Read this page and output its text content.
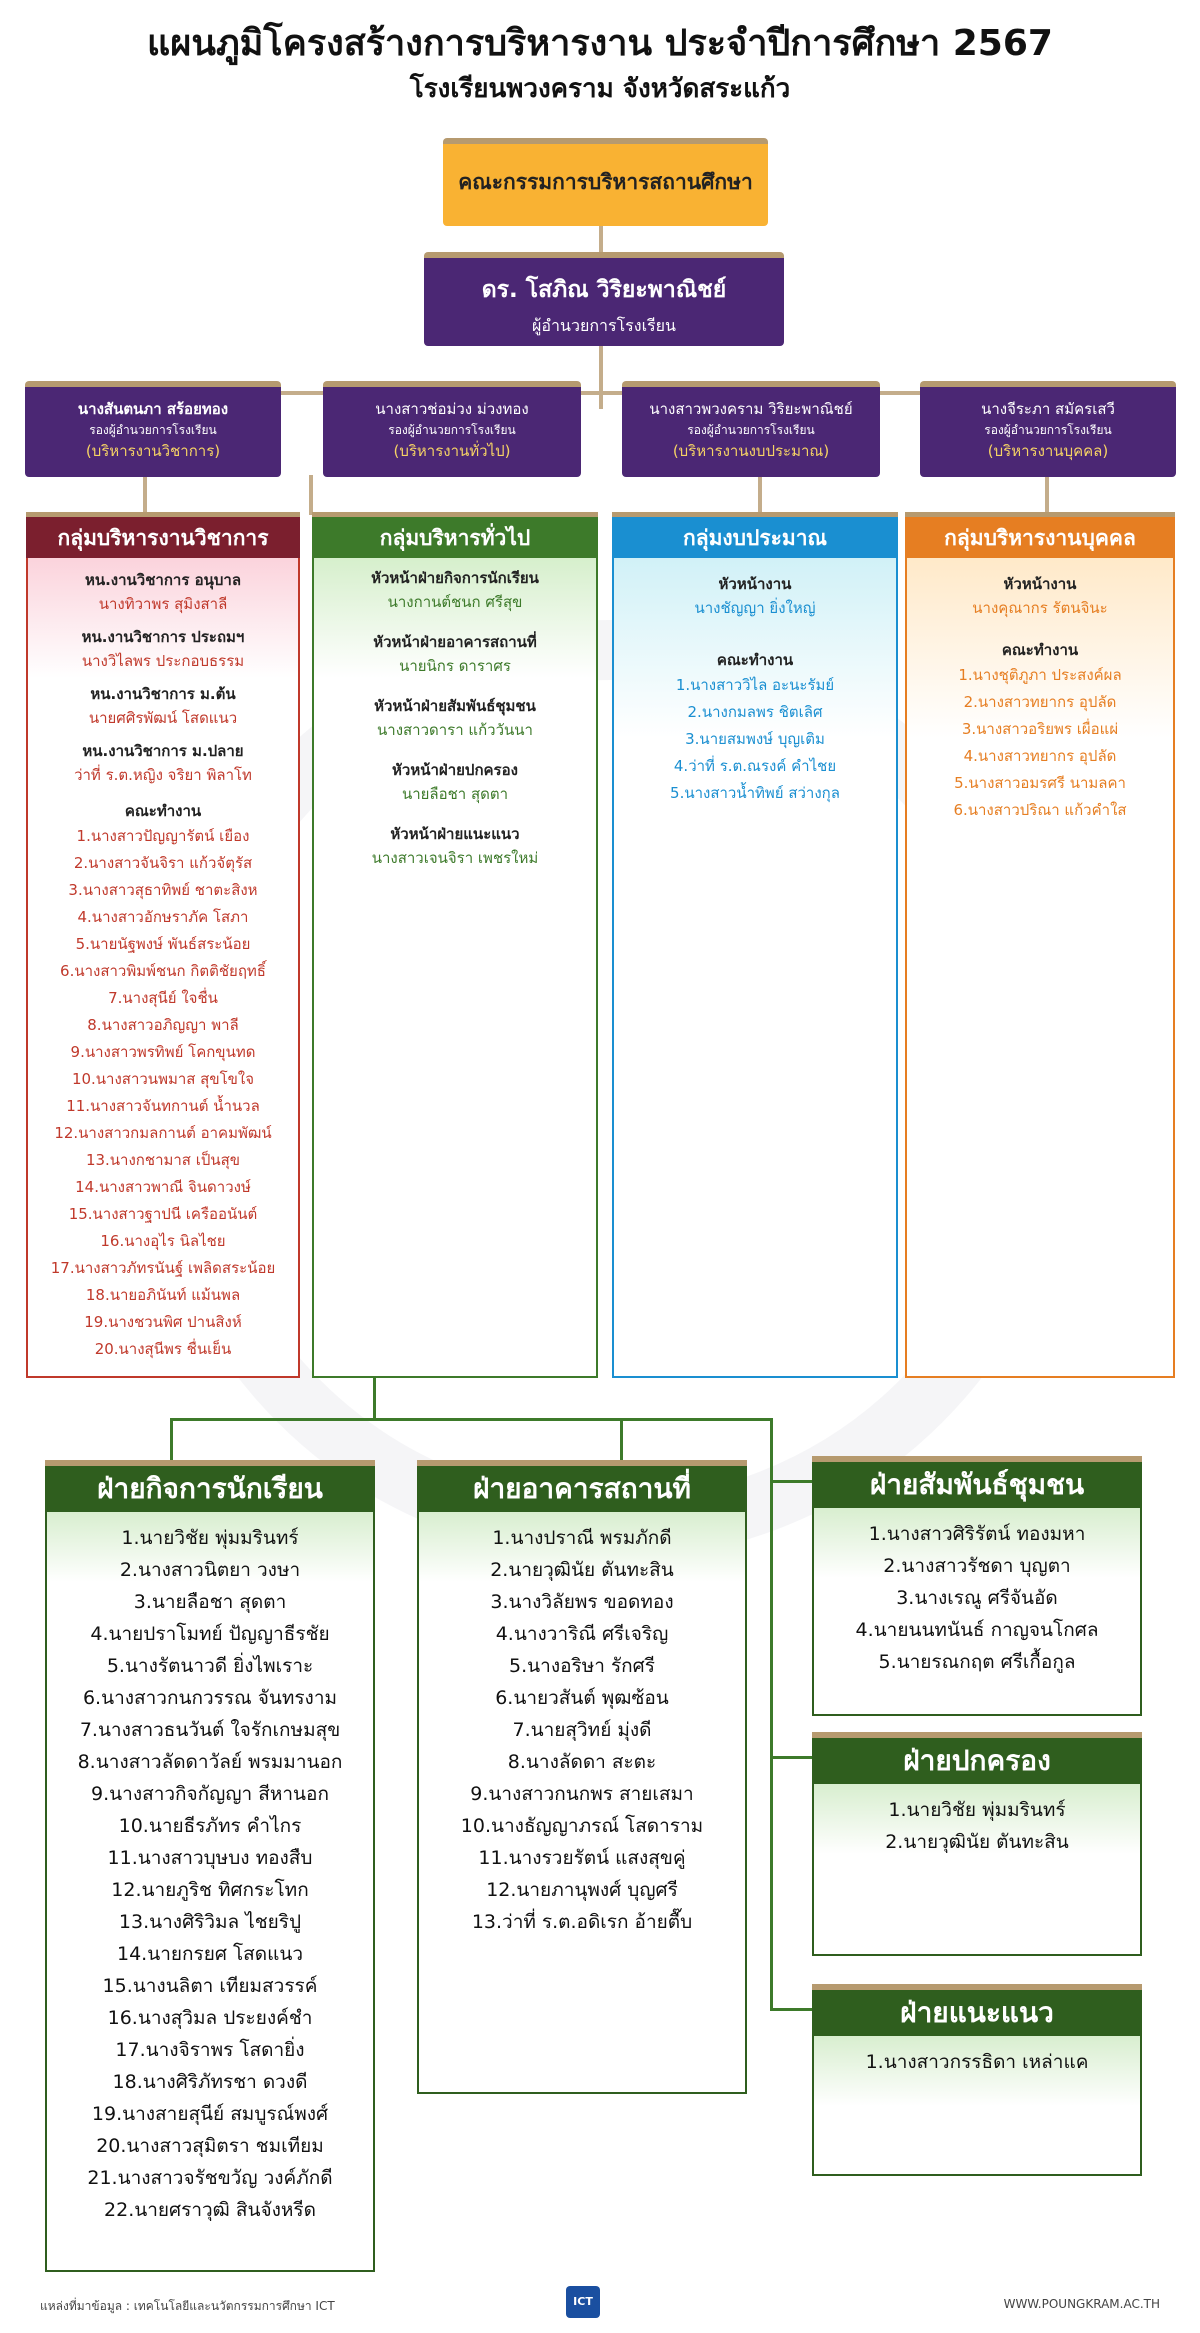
แผนภูมิโครงสร้างการบริหารงาน ประจำปีการศึกษา 2567
โรงเรียนพวงคราม จังหวัดสระแก้ว
คณะกรรมการบริหารสถานศึกษา
ดร. โสภิณ วิริยะพาณิชย์
ผู้อำนวยการโรงเรียน
นางสันตนภา สร้อยทอง
รองผู้อำนวยการโรงเรียน
(บริหารงานวิชาการ)
นางสาวช่อม่วง ม่วงทอง
รองผู้อำนวยการโรงเรียน
(บริหารงานทั่วไป)
นางสาวพวงคราม วิริยะพาณิชย์
รองผู้อำนวยการโรงเรียน
(บริหารงานงบประมาณ)
นางจีระภา สมัครเสวี
รองผู้อำนวยการโรงเรียน
(บริหารงานบุคคล)
กลุ่มบริหารงานวิชาการ
หน.งานวิชาการ อนุบาล
นางทิวาพร สุมิงสาลี
หน.งานวิชาการ ประถมฯ
นางวิไลพร ประกอบธรรม
หน.งานวิชาการ ม.ต้น
นายศศิรพัฒน์ โสดแนว
หน.งานวิชาการ ม.ปลาย
ว่าที่ ร.ต.หญิง จริยา พิลาโท
คณะทำงาน
1.นางสาวปัญญารัตน์ เยือง
2.นางสาวจันจิรา แก้วจัตุรัส
3.นางสาวสุธาทิพย์ ชาตะสิงห
4.นางสาวอักษราภัค โสภา
5.นายนัฐพงษ์ พันธ์สระน้อย
6.นางสาวพิมพ์ชนก กิตติชัยฤทธิ์
7.นางสุนีย์ ใจชื่น
8.นางสาวอภิญญา พาลี
9.นางสาวพรทิพย์ โคกขุนทด
10.นางสาวนพมาส สุขโขใจ
11.นางสาวจันทกานต์ น้ำนวล
12.นางสาวกมลกานต์ อาคมพัฒน์
13.นางกชามาส เป็นสุข
14.นางสาวพาณี จินดาวงษ์
15.นางสาวฐาปนี เครืออนันต์
16.นางอุไร นิลไชย
17.นางสาวภัทรนันฐ์ เพลิดสระน้อย
18.นายอภินันท์ แม้นพล
19.นางชวนพิศ ปานสิงห์
20.นางสุนีพร ชื่นเย็น
กลุ่มบริหารทั่วไป
หัวหน้าฝ่ายกิจการนักเรียน
นางกานต์ชนก ศรีสุข
หัวหน้าฝ่ายอาคารสถานที่
นายนิกร ดาราศร
หัวหน้าฝ่ายสัมพันธ์ชุมชน
นางสาวดารา แก้ววันนา
หัวหน้าฝ่ายปกครอง
นายลือชา สุดตา
หัวหน้าฝ่ายแนะแนว
นางสาวเจนจิรา เพชรใหม่
กลุ่มงบประมาณ
หัวหน้างาน
นางชัญญา ยิ่งใหญ่
คณะทำงาน
1.นางสาววิไล อะนะรัมย์
2.นางกมลพร ชิตเลิศ
3.นายสมพงษ์ บุญเติม
4.ว่าที่ ร.ต.ณรงค์ คำไชย
5.นางสาวน้ำทิพย์ สว่างกุล
กลุ่มบริหารงานบุคคล
หัวหน้างาน
นางคุณากร รัตนจินะ
คณะทำงาน
1.นางชุติภูภา ประสงค์ผล
2.นางสาวทยากร อุปลัด
3.นางสาวอริยพร เผื่อแผ่
4.นางสาวทยากร อุปลัด
5.นางสาวอมรศรี นามลคา
6.นางสาวปริณา แก้วคำใส
ฝ่ายกิจการนักเรียน
1.นายวิชัย พุ่มมรินทร์
2.นางสาวนิตยา วงษา
3.นายลือชา สุดตา
4.นายปราโมทย์ ปัญญาธีรชัย
5.นางรัตนาวดี ยิ่งไพเราะ
6.นางสาวกนกวรรณ จันทรงาม
7.นางสาวธนวันต์ ใจรักเกษมสุข
8.นางสาวลัดดาวัลย์ พรมมานอก
9.นางสาวกิจกัญญา สีหานอก
10.นายธีรภัทร คำไกร
11.นางสาวบุษบง ทองสืบ
12.นายภูริช ทิศกระโทก
13.นางศิริวิมล ไชยริปู
14.นายกรยศ โสดแนว
15.นางนลิตา เทียมสวรรค์
16.นางสุวิมล ประยงค์ชำ
17.นางจิราพร โสดายิ่ง
18.นางศิริภัทรชา ดวงดี
19.นางสายสุนีย์ สมบูรณ์พงศ์
20.นางสาวสุมิตรา ชมเทียม
21.นางสาวจรัชขวัญ วงค์ภักดี
22.นายศราวุฒิ สินจังหรีด
ฝ่ายอาคารสถานที่
1.นางปราณี พรมภักดี
2.นายวุฒินัย ตันทะสิน
3.นางวิลัยพร ขอดทอง
4.นางวาริณี ศรีเจริญ
5.นางอริษา รักศรี
6.นายวสันต์ พุฒซ้อน
7.นายสุวิทย์ มุ่งดี
8.นางลัดดา สะตะ
9.นางสาวกนกพร สายเสมา
10.นางธัญญาภรณ์ โสดาราม
11.นางรวยรัตน์ แสงสุขคู่
12.นายภานุพงศ์ บุญศรี
13.ว่าที่ ร.ต.อดิเรก อ้ายตื๊บ
ฝ่ายสัมพันธ์ชุมชน
1.นางสาวศิริรัตน์ ทองมหา
2.นางสาวรัชดา บุญตา
3.นางเรณู ศรีจันอัด
4.นายนนทนันธ์ กาญจนโกศล
5.นายรณกฤต ศรีเกื้อกูล
ฝ่ายปกครอง
1.นายวิชัย พุ่มมรินทร์
2.นายวุฒินัย ตันทะสิน
ฝ่ายแนะแนว
1.นางสาวกรรธิดา เหล่าแค
แหล่งที่มาข้อมูล : เทคโนโลยีและนวัตกรรมการศึกษา ICT	ICT	WWW.POUNGKRAM.AC.TH
